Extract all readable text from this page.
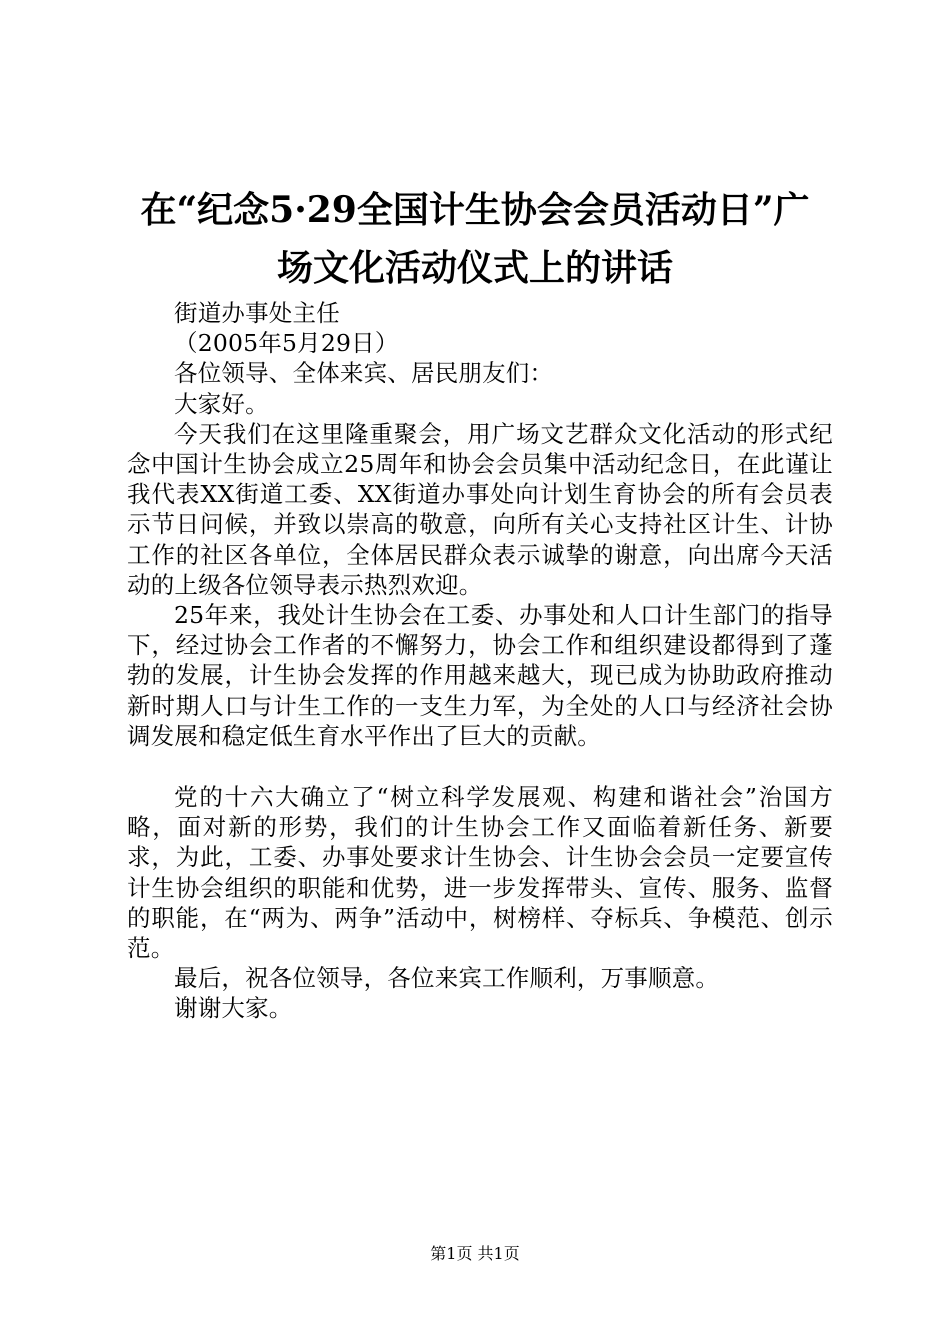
在“纪念5·29全国计生协会会员活动日”广
场文化活动仪式上的讲话

街道办事处主任

（2005年5月29日）

各位领导、全体来宾、居民朋友们：

大家好。

今天我们在这里隆重聚会，用广场文艺群众文化活动的形式纪念中国计生协会成立25周年和协会会员集中活动纪念日，在此谨让我代表XX街道工委、XX街道办事处向计划生育协会的所有会员表示节日问候，并致以崇高的敬意，向所有关心支持社区计生、计协工作的社区各单位，全体居民群众表示诚挚的谢意，向出席今天活动的上级各位领导表示热烈欢迎。

25年来，我处计生协会在工委、办事处和人口计生部门的指导下，经过协会工作者的不懈努力，协会工作和组织建设都得到了蓬勃的发展，计生协会发挥的作用越来越大，现已成为协助政府推动新时期人口与计生工作的一支生力军，为全处的人口与经济社会协调发展和稳定低生育水平作出了巨大的贡献。

党的十六大确立了“树立科学发展观、构建和谐社会”治国方略，面对新的形势，我们的计生协会工作又面临着新任务、新要求，为此，工委、办事处要求计生协会、计生协会会员一定要宣传计生协会组织的职能和优势，进一步发挥带头、宣传、服务、监督的职能，在“两为、两争”活动中，树榜样、夺标兵、争模范、创示范。

最后，祝各位领导，各位来宾工作顺利，万事顺意。

谢谢大家。

第1页 共1页
